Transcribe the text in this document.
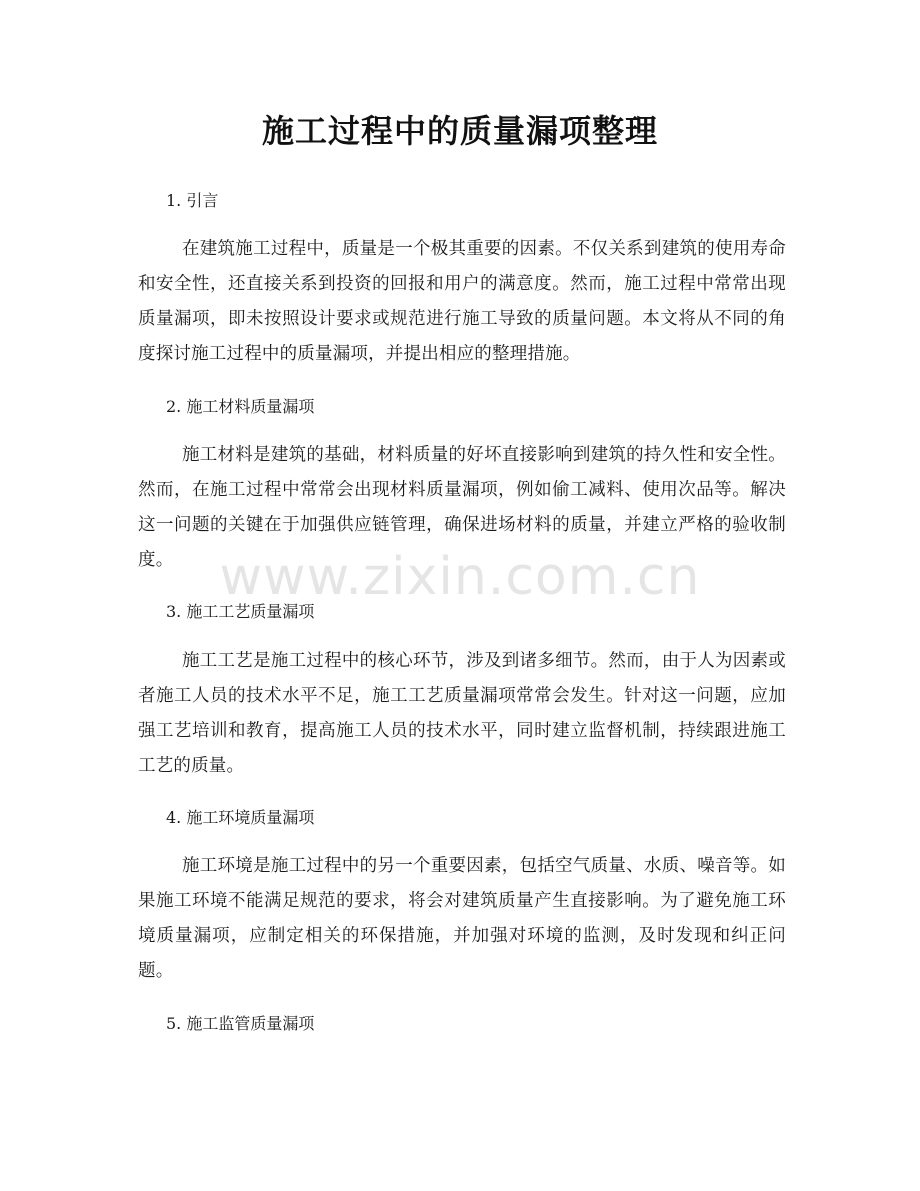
施工过程中的质量漏项整理
1. 引言
在建筑施工过程中，质量是一个极其重要的因素。不仅关系到建筑的使用寿命和安全性，还直接关系到投资的回报和用户的满意度。然而，施工过程中常常出现质量漏项，即未按照设计要求或规范进行施工导致的质量问题。本文将从不同的角度探讨施工过程中的质量漏项，并提出相应的整理措施。
2. 施工材料质量漏项
施工材料是建筑的基础，材料质量的好坏直接影响到建筑的持久性和安全性。然而，在施工过程中常常会出现材料质量漏项，例如偷工减料、使用次品等。解决这一问题的关键在于加强供应链管理，确保进场材料的质量，并建立严格的验收制度。
3. 施工工艺质量漏项
施工工艺是施工过程中的核心环节，涉及到诸多细节。然而，由于人为因素或者施工人员的技术水平不足，施工工艺质量漏项常常会发生。针对这一问题，应加强工艺培训和教育，提高施工人员的技术水平，同时建立监督机制，持续跟进施工工艺的质量。
4. 施工环境质量漏项
施工环境是施工过程中的另一个重要因素，包括空气质量、水质、噪音等。如果施工环境不能满足规范的要求，将会对建筑质量产生直接影响。为了避免施工环境质量漏项，应制定相关的环保措施，并加强对环境的监测，及时发现和纠正问题。
5. 施工监管质量漏项
www.zixin.com.cn
